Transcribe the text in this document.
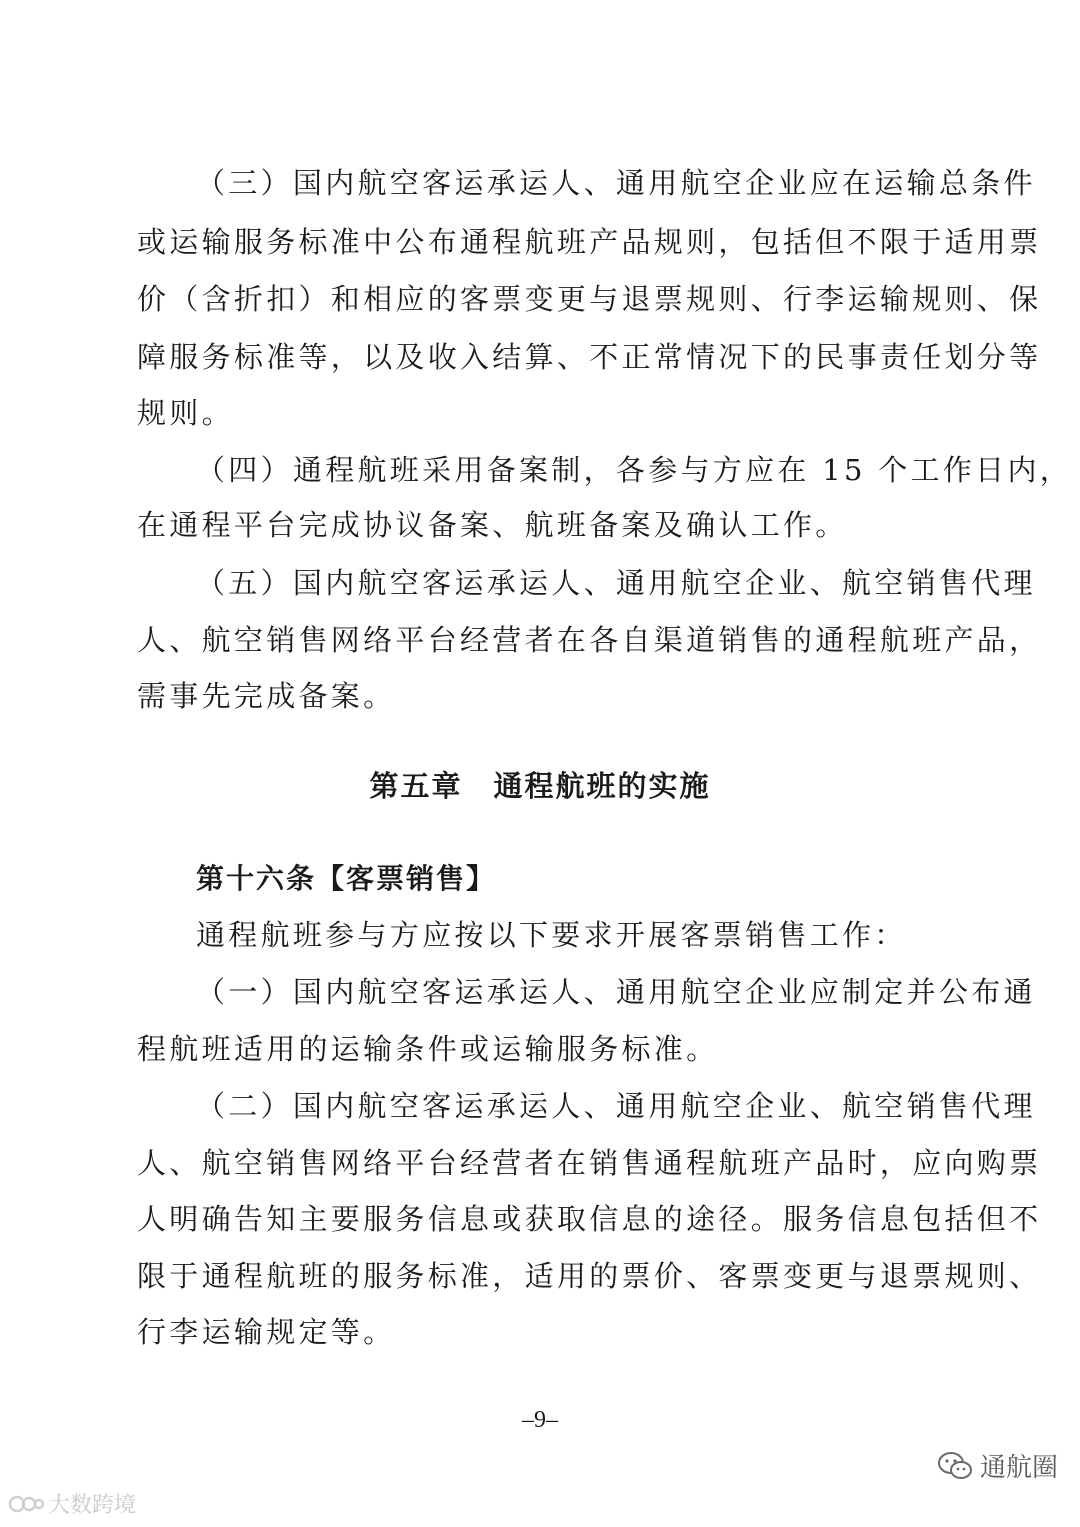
（三）国内航空客运承运人、通用航空企业应在运输总条件
或运输服务标准中公布通程航班产品规则，包括但不限于适用票
价（含折扣）和相应的客票变更与退票规则、行李运输规则、保
障服务标准等，以及收入结算、不正常情况下的民事责任划分等
规则。
（四）通程航班采用备案制，各参与方应在 15 个工作日内，
在通程平台完成协议备案、航班备案及确认工作。
（五）国内航空客运承运人、通用航空企业、航空销售代理
人、航空销售网络平台经营者在各自渠道销售的通程航班产品，
需事先完成备案。
第五章　通程航班的实施
第十六条【客票销售】
通程航班参与方应按以下要求开展客票销售工作：
（一）国内航空客运承运人、通用航空企业应制定并公布通
程航班适用的运输条件或运输服务标准。
（二）国内航空客运承运人、通用航空企业、航空销售代理
人、航空销售网络平台经营者在销售通程航班产品时，应向购票
人明确告知主要服务信息或获取信息的途径。服务信息包括但不
限于通程航班的服务标准，适用的票价、客票变更与退票规则、
行李运输规定等。
–9–
大数跨境
通航圈
